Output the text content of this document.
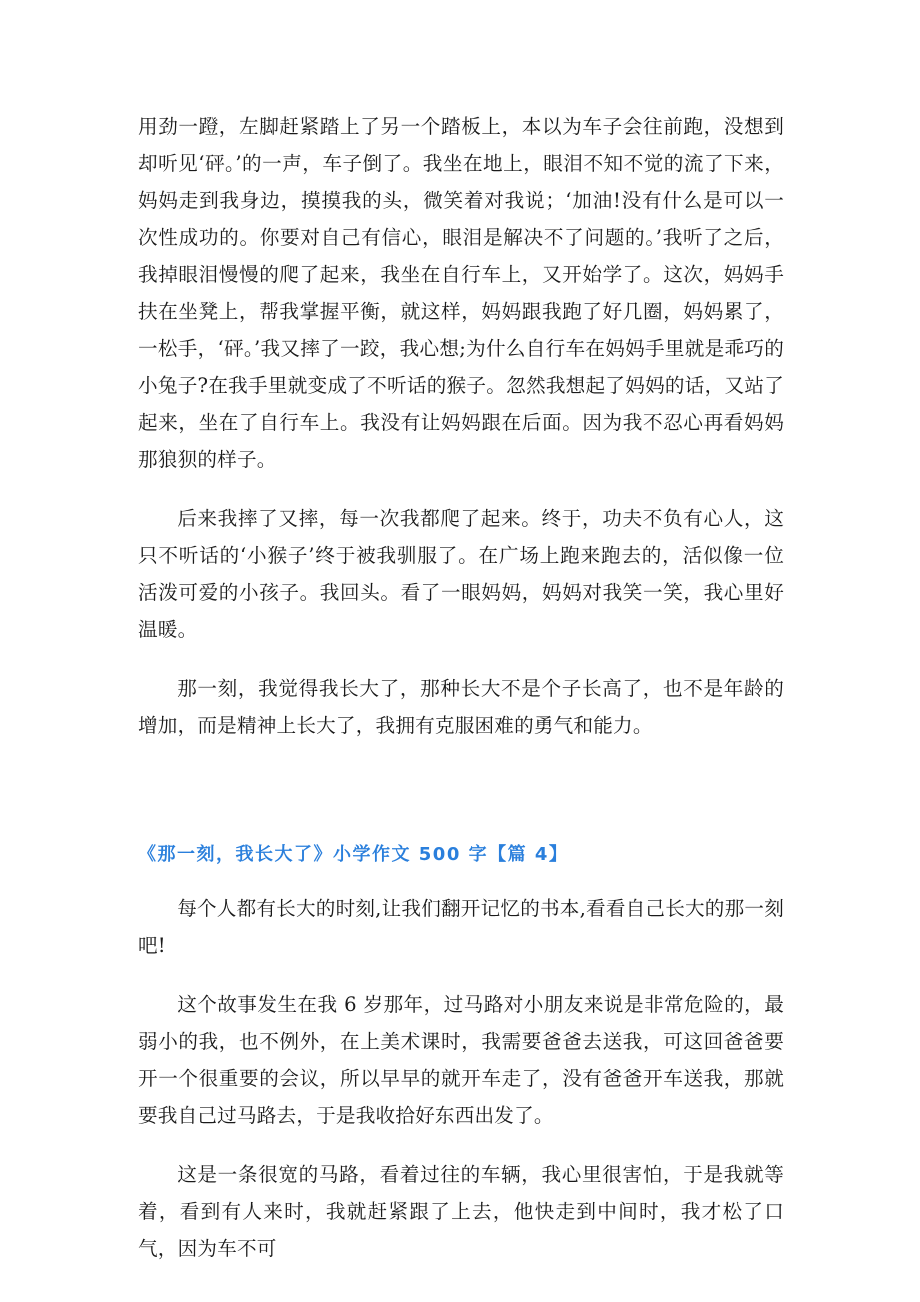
用劲一蹬，左脚赶紧踏上了另一个踏板上，本以为车子会往前跑，没想到却听见‘砰。’的一声，车子倒了。我坐在地上，眼泪不知不觉的流了下来，妈妈走到我身边，摸摸我的头，微笑着对我说；‘加油!没有什么是可以一次性成功的。你要对自己有信心，眼泪是解决不了问题的。’我听了之后，我掉眼泪慢慢的爬了起来，我坐在自行车上，又开始学了。这次，妈妈手扶在坐凳上，帮我掌握平衡，就这样，妈妈跟我跑了好几圈，妈妈累了，一松手，‘砰。’我又摔了一跤，我心想;为什么自行车在妈妈手里就是乖巧的小兔子?在我手里就变成了不听话的猴子。忽然我想起了妈妈的话，又站了起来，坐在了自行车上。我没有让妈妈跟在后面。因为我不忍心再看妈妈那狼狈的样子。

后来我摔了又摔，每一次我都爬了起来。终于，功夫不负有心人，这只不听话的‘小猴子’终于被我驯服了。在广场上跑来跑去的，活似像一位活泼可爱的小孩子。我回头。看了一眼妈妈，妈妈对我笑一笑，我心里好温暖。

那一刻，我觉得我长大了，那种长大不是个子长高了，也不是年龄的增加，而是精神上长大了，我拥有克服困难的勇气和能力。

《那一刻，我长大了》小学作文 500 字【篇 4】

每个人都有长大的时刻,让我们翻开记忆的书本,看看自己长大的那一刻吧!

这个故事发生在我 6 岁那年，过马路对小朋友来说是非常危险的，最弱小的我，也不例外，在上美术课时，我需要爸爸去送我，可这回爸爸要开一个很重要的会议，所以早早的就开车走了，没有爸爸开车送我，那就要我自己过马路去，于是我收拾好东西出发了。

这是一条很宽的马路，看着过往的车辆，我心里很害怕，于是我就等着，看到有人来时，我就赶紧跟了上去，他快走到中间时，我才松了口气，因为车不可
